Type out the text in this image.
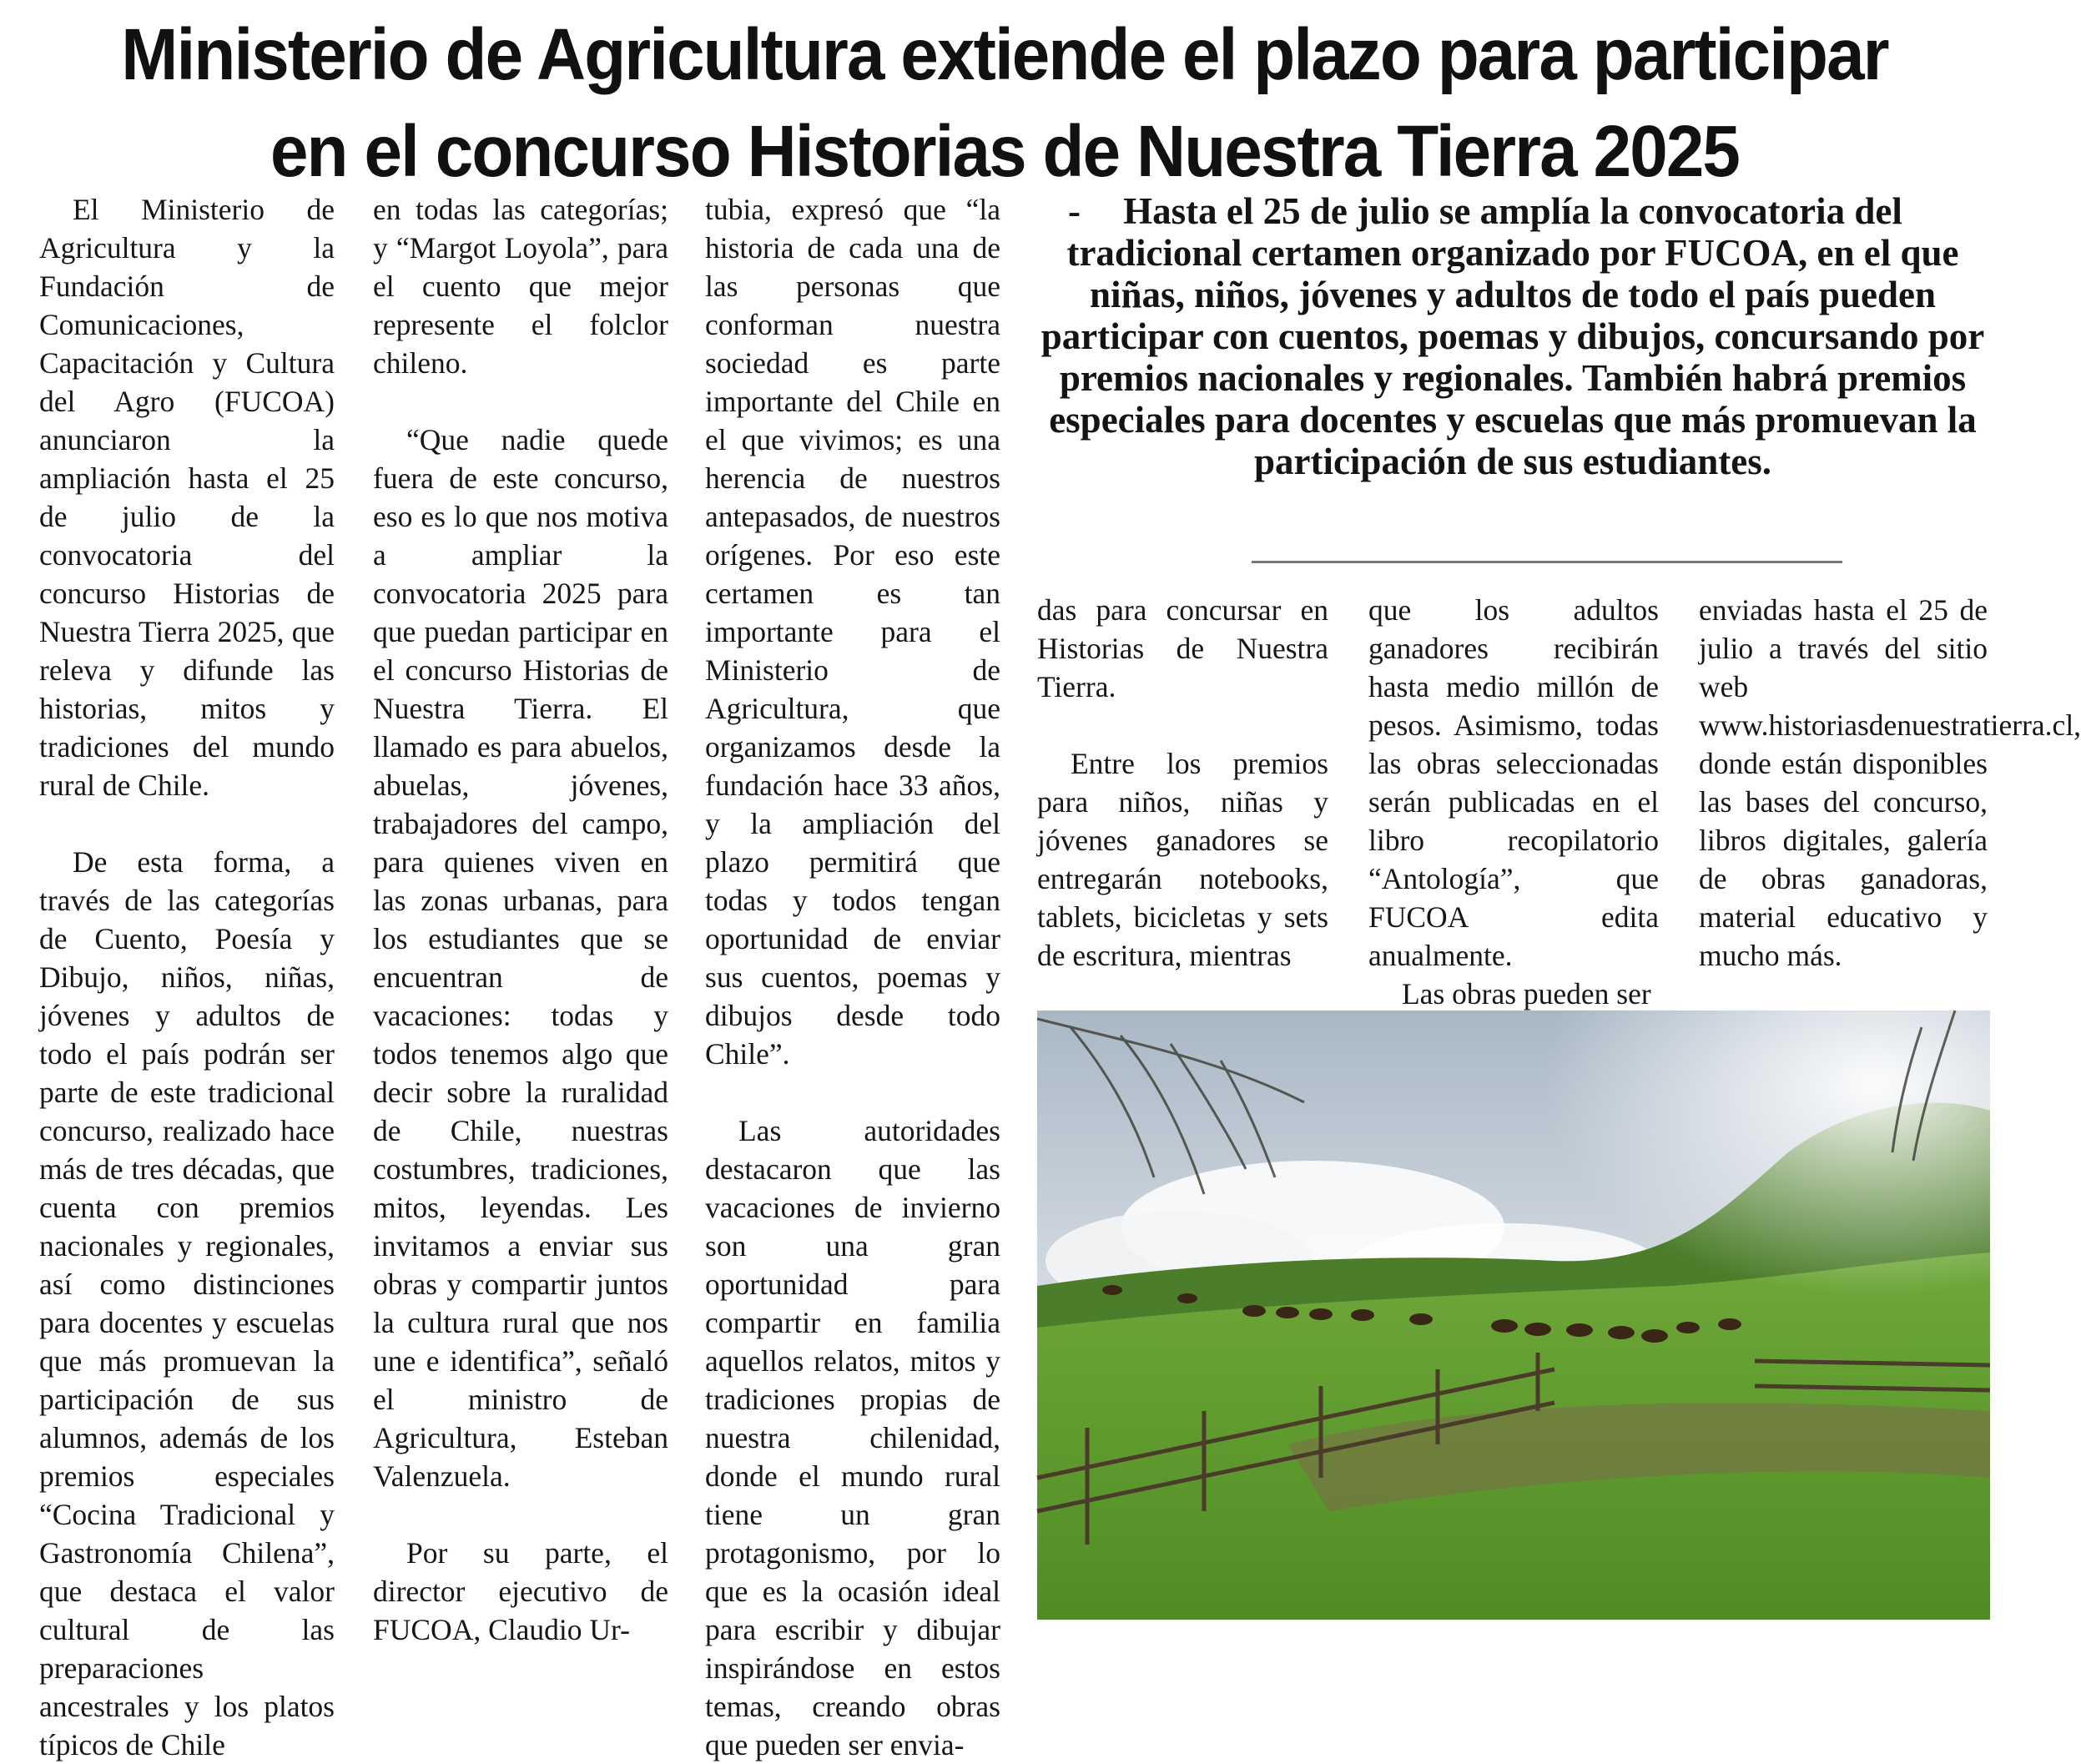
Ministerio de Agricultura extiende el plazo para participar
en el concurso Historias de Nuestra Tierra 2025

El Ministerio de Agricultura y la Fundación de Comunicaciones, Capacitación y Cultura del Agro (FUCOA) anunciaron la ampliación hasta el 25 de julio de la convocatoria del concurso Historias de Nuestra Tierra 2025, que releva y difunde las historias, mitos y tradiciones del mundo rural de Chile.

De esta forma, a través de las categorías de Cuento, Poesía y Dibujo, niños, niñas, jóvenes y adultos de todo el país podrán ser parte de este tradicional concurso, realizado hace más de tres décadas, que cuenta con premios nacionales y regionales, así como distinciones para docentes y escuelas que más promuevan la participación de sus alumnos, además de los premios especiales “Cocina Tradicional y Gastronomía Chilena”, que destaca el valor cultural de las preparaciones ancestrales y los platos típicos de Chile

en todas las categorías; y “Margot Loyola”, para el cuento que mejor represente el folclor chileno.

“Que nadie quede fuera de este concurso, eso es lo que nos motiva a ampliar la convocatoria 2025 para que puedan participar en el concurso Historias de Nuestra Tierra. El llamado es para abuelos, abuelas, jóvenes, trabajadores del campo, para quienes viven en las zonas urbanas, para los estudiantes que se encuentran de vacaciones: todas y todos tenemos algo que decir sobre la ruralidad de Chile, nuestras costumbres, tradiciones, mitos, leyendas. Les invitamos a enviar sus obras y compartir juntos la cultura rural que nos une e identifica”, señaló el ministro de Agricultura, Esteban Valenzuela.

Por su parte, el director ejecutivo de FUCOA, Claudio Ur-

tubia, expresó que “la historia de cada una de las personas que conforman nuestra sociedad es parte importante del Chile en el que vivimos; es una herencia de nuestros antepasados, de nuestros orígenes. Por eso este certamen es tan importante para el Ministerio de Agricultura, que organizamos desde la fundación hace 33 años, y la ampliación del plazo permitirá que todas y todos tengan oportunidad de enviar sus cuentos, poemas y dibujos desde todo Chile”.

Las autoridades destacaron que las vacaciones de invierno son una gran oportunidad para compartir en familia aquellos relatos, mitos y tradiciones propias de nuestra chilenidad, donde el mundo rural tiene un gran protagonismo, por lo que es la ocasión ideal para escribir y dibujar inspirándose en estos temas, creando obras que pueden ser envia-

- Hasta el 25 de julio se amplía la convocatoria del tradicional certamen organizado por FUCOA, en el que niñas, niños, jóvenes y adultos de todo el país pueden participar con cuentos, poemas y dibujos, concursando por premios nacionales y regionales. También habrá premios especiales para docentes y escuelas que más promuevan la participación de sus estudiantes.

das para concursar en Historias de Nuestra Tierra.

Entre los premios para niños, niñas y jóvenes ganadores se entregarán notebooks, tablets, bicicletas y sets de escritura, mientras

que los adultos ganadores recibirán hasta medio millón de pesos. Asimismo, todas las obras seleccionadas serán publicadas en el libro recopilatorio “Antología”, que FUCOA edita anualmente.

Las obras pueden ser

enviadas hasta el 25 de julio a través del sitio web www.historiasdenuestratierra.cl, donde están disponibles las bases del concurso, libros digitales, galería de obras ganadoras, material educativo y mucho más.
